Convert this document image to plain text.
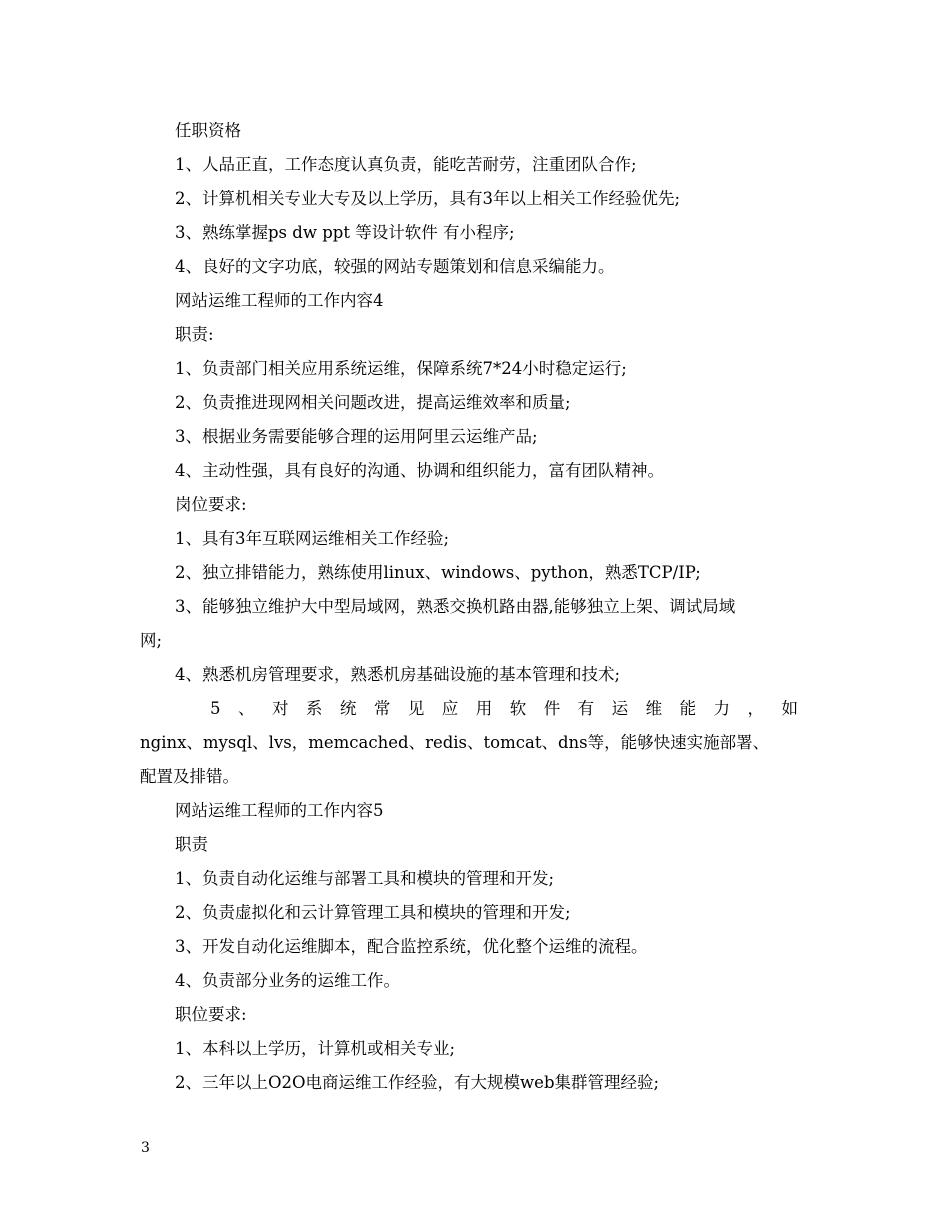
任职资格
1、人品正直，工作态度认真负责，能吃苦耐劳，注重团队合作;
2、计算机相关专业大专及以上学历，具有3年以上相关工作经验优先;
3、熟练掌握ps dw ppt 等设计软件 有小程序;
4、良好的文字功底，较强的网站专题策划和信息采编能力。
网站运维工程师的工作内容4
职责:
1、负责部门相关应用系统运维，保障系统7*24小时稳定运行;
2、负责推进现网相关问题改进，提高运维效率和质量;
3、根据业务需要能够合理的运用阿里云运维产品;
4、主动性强，具有良好的沟通、协调和组织能力，富有团队精神。
岗位要求:
1、具有3年互联网运维相关工作经验;
2、独立排错能力，熟练使用linux、windows、python，熟悉TCP/IP;
3、能够独立维护大中型局域网，熟悉交换机路由器,能够独立上架、调试局域
网;
4、熟悉机房管理要求，熟悉机房基础设施的基本管理和技术;
5、对系统常见应用软件有运维能力，如
nginx、mysql、lvs，memcached、redis、tomcat、dns等，能够快速实施部署、
配置及排错。
网站运维工程师的工作内容5
职责
1、负责自动化运维与部署工具和模块的管理和开发;
2、负责虚拟化和云计算管理工具和模块的管理和开发;
3、开发自动化运维脚本，配合监控系统，优化整个运维的流程。
4、负责部分业务的运维工作。
职位要求:
1、本科以上学历，计算机或相关专业;
2、三年以上O2O电商运维工作经验，有大规模web集群管理经验;
3
